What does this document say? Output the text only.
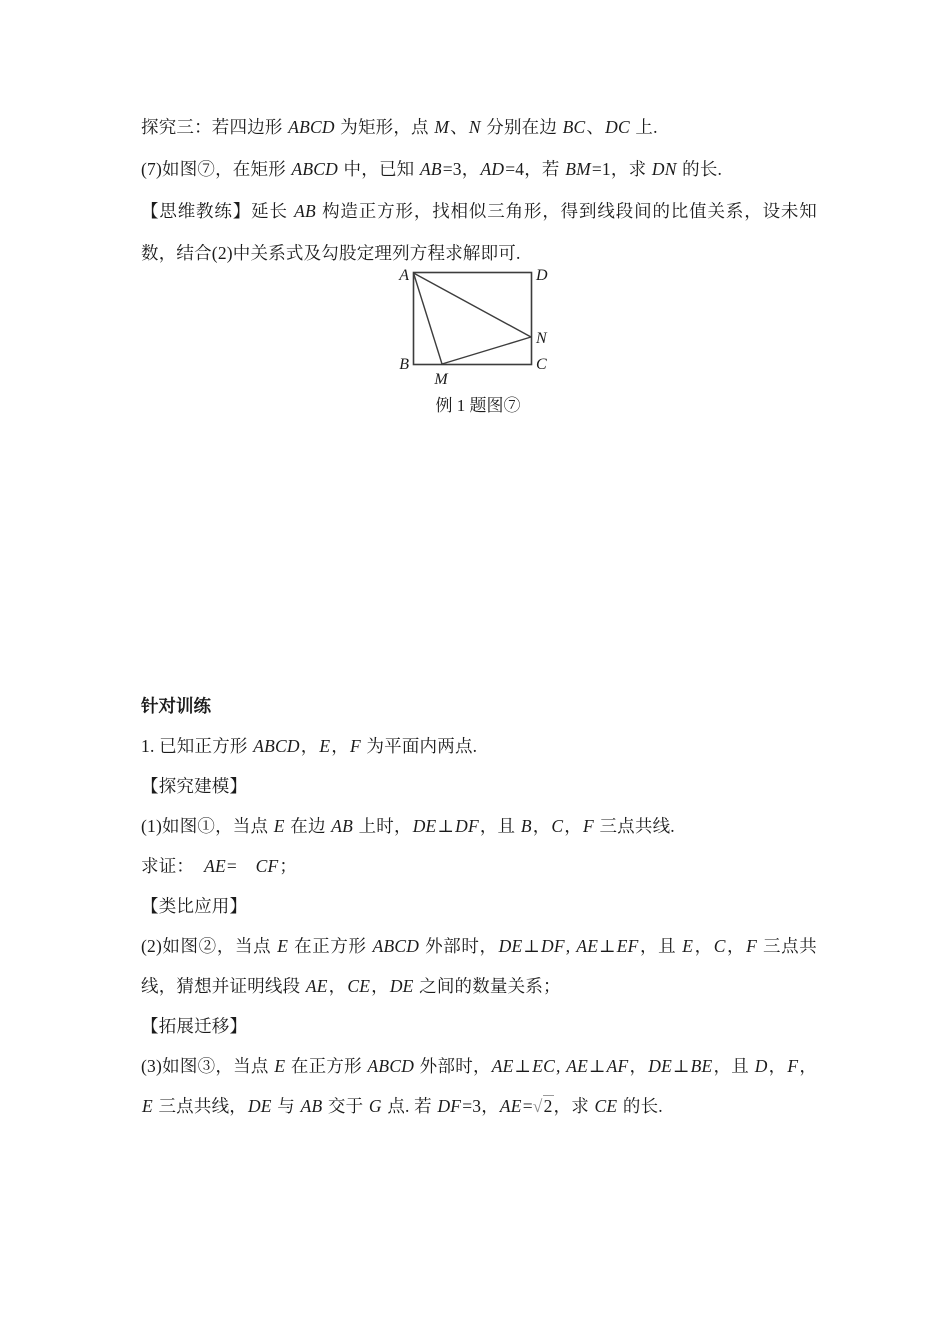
探究三：若四边形 ABCD 为矩形，点 M、N 分别在边 BC、DC 上.

(7)如图⑦，在矩形 ABCD 中，已知 AB=3，AD=4，若 BM=1，求 DN 的长.

【思维教练】延长 AB 构造正方形，找相似三角形，得到线段间的比值关系，设未知数，结合(2)中关系式及勾股定理列方程求解即可.

A	D
B	C
N
M
例 1 题图⑦

针对训练

1. 已知正方形 ABCD，E，F 为平面内两点.

【探究建模】

(1)如图①，当点 E 在边 AB 上时，DE⊥DF，且 B，C，F 三点共线.

求证：　AE=　CF；

【类比应用】

(2)如图②，当点 E 在正方形 ABCD 外部时，DE⊥DF, AE⊥EF，且 E，C，F 三点共线，猜想并证明线段 AE，CE，DE 之间的数量关系；

【拓展迁移】

(3)如图③，当点 E 在正方形 ABCD 外部时，AE⊥EC, AE⊥AF，DE⊥BE，且 D，F，E 三点共线，DE 与 AB 交于 G 点. 若 DF=3，AE=√2，求 CE 的长.
